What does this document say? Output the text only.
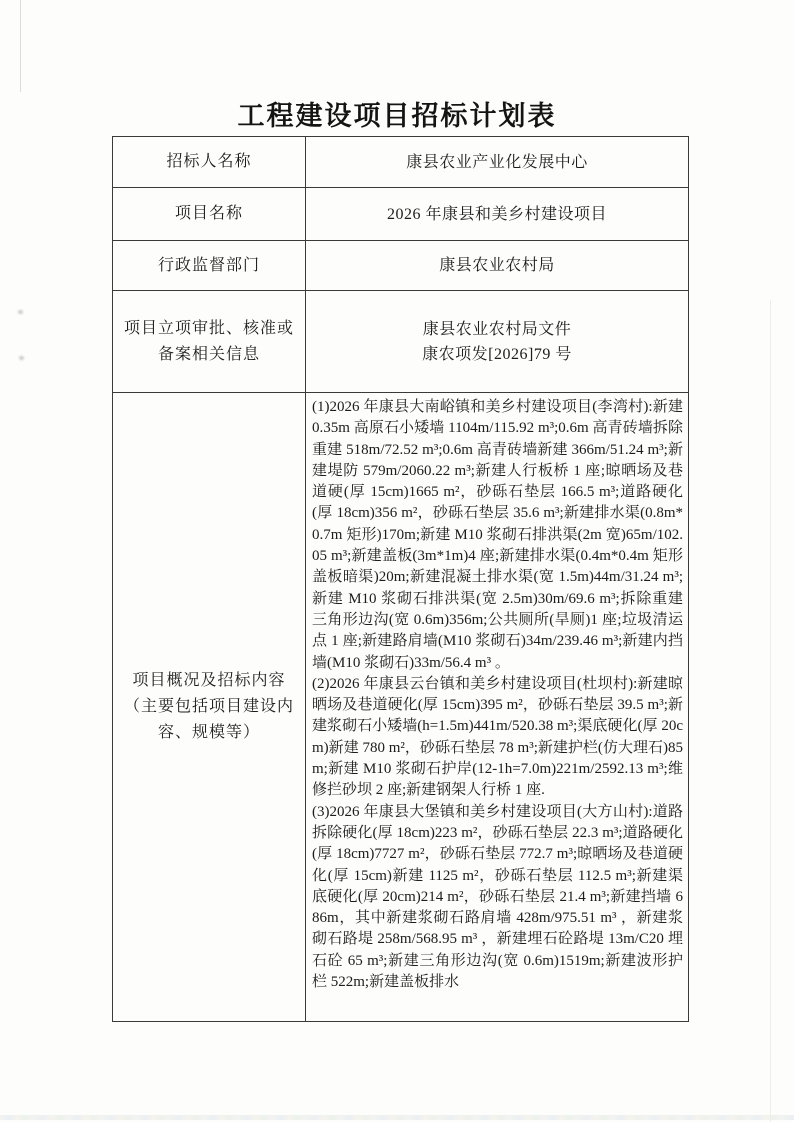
工程建设项目招标计划表
招标人名称	康县农业产业化发展中心
项目名称	2026 年康县和美乡村建设项目
行政监督部门	康县农业农村局
项目立项审批、核准或备案相关信息	康县农业农村局文件
康农项发[2026]79 号

项目概况及招标内容（主要包括项目建设内容、规模等）	(1)2026 年康县大南峪镇和美乡村建设项目(李湾村):新建 0.35m 高原石小矮墙 1104m/115.92 m³;0.6m 高青砖墙拆除重建 518m/72.52 m³;0.6m 高青砖墙新建 366m/51.24 m³;新建堤防 579m/2060.22 m³;新建人行板桥 1 座;晾晒场及巷道硬(厚 15cm)1665 m²，砂砾石垫层 166.5 m³;道路硬化(厚 18cm)356 m²，砂砾石垫层 35.6 m³;新建排水渠(0.8m*0.7m 矩形)170m;新建 M10 浆砌石排洪渠(2m 宽)65m/102.05 m³;新建盖板(3m*1m)4 座;新建排水渠(0.4m*0.4m 矩形盖板暗渠)20m;新建混凝土排水渠(宽 1.5m)44m/31.24 m³;新建 M10 浆砌石排洪渠(宽 2.5m)30m/69.6 m³;拆除重建三角形边沟(宽 0.6m)356m;公共厕所(旱厕)1 座;垃圾清运点 1 座;新建路肩墙(M10 浆砌石)34m/239.46 m³;新建内挡墙(M10 浆砌石)33m/56.4 m³ 。

(2)2026 年康县云台镇和美乡村建设项目(杜坝村):新建晾晒场及巷道硬化(厚 15cm)395 m²，砂砾石垫层 39.5 m³;新建浆砌石小矮墙(h=1.5m)441m/520.38 m³;渠底硬化(厚 20cm)新建 780 m²，砂砾石垫层 78 m³;新建护栏(仿大理石)85m;新建 M10 浆砌石护岸(12-1h=7.0m)221m/2592.13 m³;维修拦砂坝 2 座;新建钢架人行桥 1 座.

(3)2026 年康县大堡镇和美乡村建设项目(大方山村):道路拆除硬化(厚 18cm)223 m²，砂砾石垫层 22.3 m³;道路硬化(厚 18cm)7727 m²，砂砾石垫层 772.7 m³;晾晒场及巷道硬化(厚 15cm)新建 1125 m²，砂砾石垫层 112.5 m³;新建渠底硬化(厚 20cm)214 m²，砂砾石垫层 21.4 m³;新建挡墙 686m，其中新建浆砌石路肩墙 428m/975.51 m³ ，新建浆砌石路堤 258m/568.95 m³ ，新建埋石砼路堤 13m/C20 埋石砼 65 m³;新建三角形边沟(宽 0.6m)1519m;新建波形护栏 522m;新建盖板排水
